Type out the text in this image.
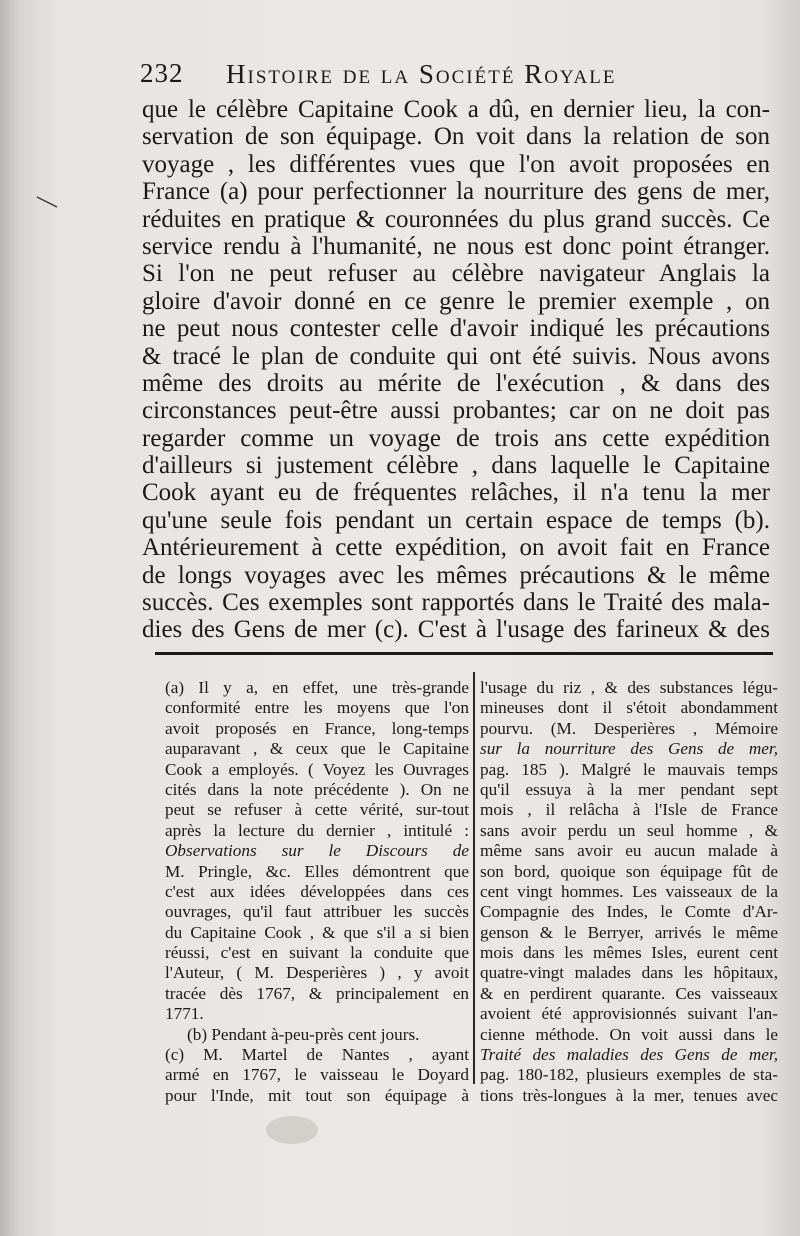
232 Histoire de la Société Royale
que le célèbre Capitaine Cook a dû, en dernier lieu, la con-
servation de son équipage. On voit dans la relation de son
voyage , les différentes vues que l'on avoit proposées en
France (a) pour perfectionner la nourriture des gens de mer,
réduites en pratique & couronnées du plus grand succès. Ce
service rendu à l'humanité, ne nous est donc point étranger.
Si l'on ne peut refuser au célèbre navigateur Anglais la
gloire d'avoir donné en ce genre le premier exemple , on
ne peut nous contester celle d'avoir indiqué les précautions
& tracé le plan de conduite qui ont été suivis. Nous avons
même des droits au mérite de l'exécution , & dans des
circonstances peut-être aussi probantes; car on ne doit pas
regarder comme un voyage de trois ans cette expédition
d'ailleurs si justement célèbre , dans laquelle le Capitaine
Cook ayant eu de fréquentes relâches, il n'a tenu la mer
qu'une seule fois pendant un certain espace de temps (b).
Antérieurement à cette expédition, on avoit fait en France
de longs voyages avec les mêmes précautions & le même
succès. Ces exemples sont rapportés dans le Traité des mala-
dies des Gens de mer (c). C'est à l'usage des farineux & des
(a) Il y a, en effet, une très-grande
conformité entre les moyens que l'on
avoit proposés en France, long-temps
auparavant , & ceux que le Capitaine
Cook a employés. ( Voyez les Ouvrages
cités dans la note précédente ). On ne
peut se refuser à cette vérité, sur-tout
après la lecture du dernier , intitulé :
Observations sur le Discours de
M. Pringle, &c. Elles démontrent que
c'est aux idées développées dans ces
ouvrages, qu'il faut attribuer les succès
du Capitaine Cook , & que s'il a si bien
réussi, c'est en suivant la conduite que
l'Auteur, ( M. Desperières ) , y avoit
tracée dès 1767, & principalement en
1771.
(b) Pendant à-peu-près cent jours.
(c) M. Martel de Nantes , ayant
armé en 1767, le vaisseau le Doyard
pour l'Inde, mit tout son équipage à
l'usage du riz , & des substances légu-
mineuses dont il s'étoit abondamment
pourvu. (M. Desperières , Mémoire
sur la nourriture des Gens de mer,
pag. 185 ). Malgré le mauvais temps
qu'il essuya à la mer pendant sept
mois , il relâcha à l'Isle de France
sans avoir perdu un seul homme , &
même sans avoir eu aucun malade à
son bord, quoique son équipage fût de
cent vingt hommes. Les vaisseaux de la
Compagnie des Indes, le Comte d'Ar-
genson & le Berryer, arrivés le même
mois dans les mêmes Isles, eurent cent
quatre-vingt malades dans les hôpitaux,
& en perdirent quarante. Ces vaisseaux
avoient été approvisionnés suivant l'an-
cienne méthode. On voit aussi dans le
Traité des maladies des Gens de mer,
pag. 180-182, plusieurs exemples de sta-
tions très-longues à la mer, tenues avec
